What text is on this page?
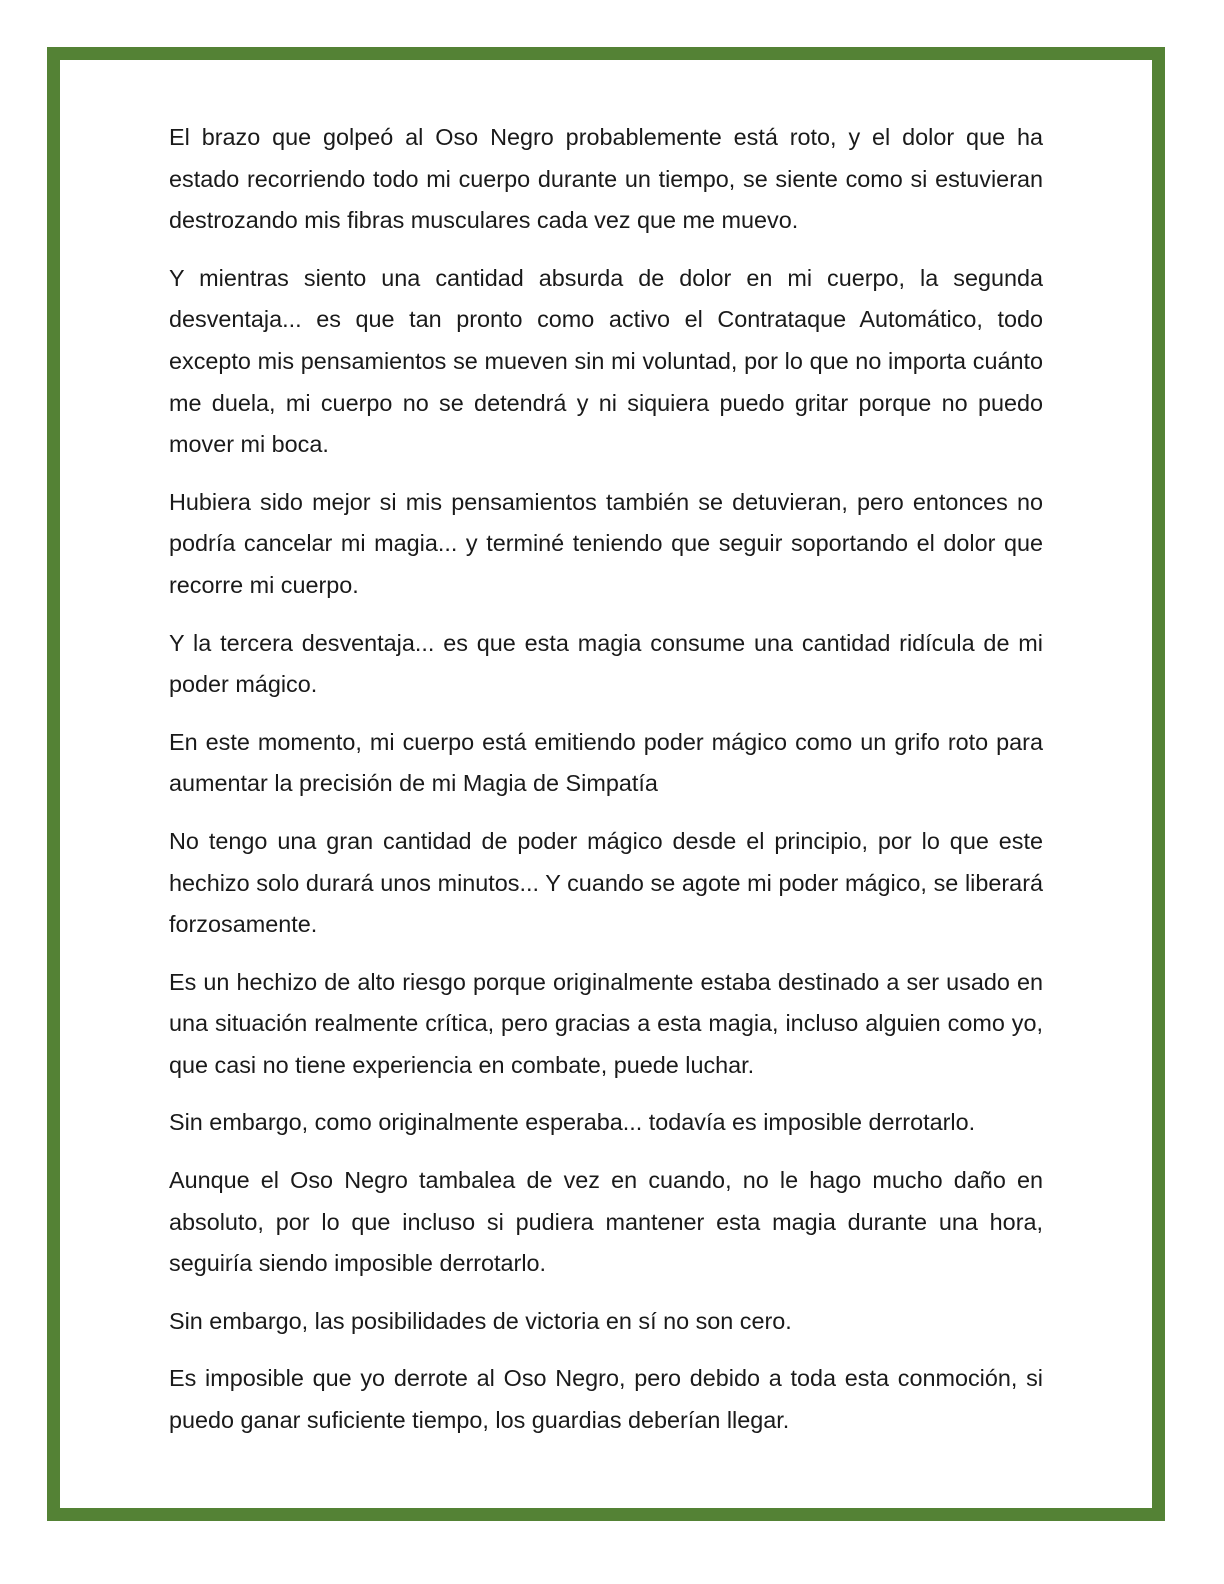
El brazo que golpeó al Oso Negro probablemente está roto, y el dolor que ha estado recorriendo todo mi cuerpo durante un tiempo, se siente como si estuvieran destrozando mis fibras musculares cada vez que me muevo.

Y mientras siento una cantidad absurda de dolor en mi cuerpo, la segunda desventaja... es que tan pronto como activo el Contrataque Automático, todo excepto mis pensamientos se mueven sin mi voluntad, por lo que no importa cuánto me duela, mi cuerpo no se detendrá y ni siquiera puedo gritar porque no puedo mover mi boca.

Hubiera sido mejor si mis pensamientos también se detuvieran, pero entonces no podría cancelar mi magia... y terminé teniendo que seguir soportando el dolor que recorre mi cuerpo.

Y la tercera desventaja... es que esta magia consume una cantidad ridícula de mi poder mágico.

En este momento, mi cuerpo está emitiendo poder mágico como un grifo roto para aumentar la precisión de mi Magia de Simpatía

No tengo una gran cantidad de poder mágico desde el principio, por lo que este hechizo solo durará unos minutos... Y cuando se agote mi poder mágico, se liberará forzosamente.

Es un hechizo de alto riesgo porque originalmente estaba destinado a ser usado en una situación realmente crítica, pero gracias a esta magia, incluso alguien como yo, que casi no tiene experiencia en combate, puede luchar.

Sin embargo, como originalmente esperaba... todavía es imposible derrotarlo.

Aunque el Oso Negro tambalea de vez en cuando, no le hago mucho daño en absoluto, por lo que incluso si pudiera mantener esta magia durante una hora, seguiría siendo imposible derrotarlo.

Sin embargo, las posibilidades de victoria en sí no son cero.

Es imposible que yo derrote al Oso Negro, pero debido a toda esta conmoción, si puedo ganar suficiente tiempo, los guardias deberían llegar.
